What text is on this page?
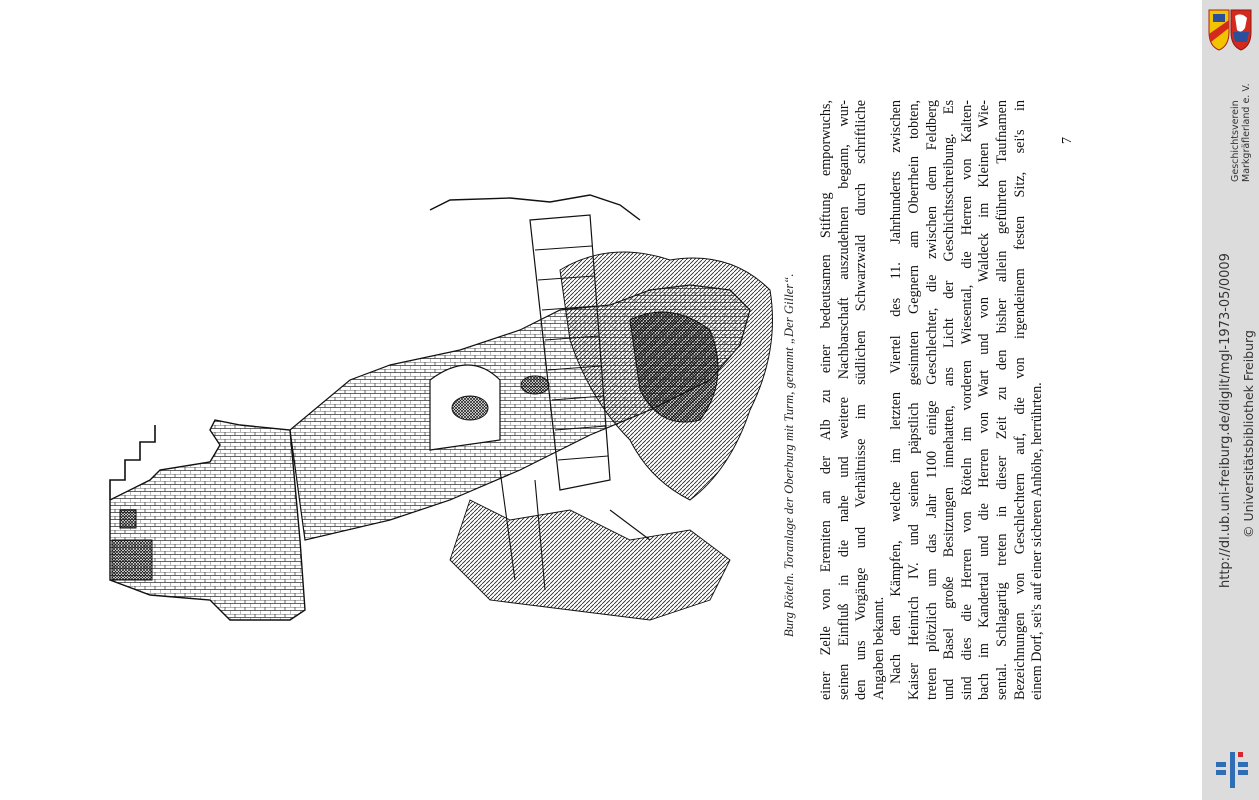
Burg Röteln. Toranlage der Oberburg mit Turm, genannt „Der Giller“. einer Zelle von Eremiten an der Alb zu einer bedeutsamen Stiftung emporwuchs, seinen Einfluß in die nahe und weitere Nachbarschaft auszudehnen begann, wur- den uns Vorgänge und Verhältnisse im südlichen Schwarzwald durch schriftliche Angaben bekannt. Nach den Kämpfen, welche im letzten Viertel des 11. Jahrhunderts zwischen Kaiser Heinrich IV. und seinen päpstlich gesinnten Gegnern am Oberrhein tobten, treten plötzlich um das Jahr 1100 einige Geschlechter, die zwischen dem Feldberg und Basel große Besitzungen innehatten, ans Licht der Geschichtsschreibung. Es sind dies die Herren von Röteln im vorderen Wiesental, die Herren von Kalten- bach im Kandertal und die Herren von Wart und von Waldeck im Kleinen Wie- sental. Schlagartig treten in dieser Zeit zu den bisher allein geführten Taufnamen Bezeichnungen von Geschlechtern auf, die von irgendeinem festen Sitz, sei's in einem Dorf, sei's auf einer sicheren Anhöhe, herrührten.
7	Geschichtsverein Markgräflerland e. V.
http://dl.ub.uni-freiburg.de/diglit/mgl-1973-05/0009 © Universitätsbibliothek Freiburg
